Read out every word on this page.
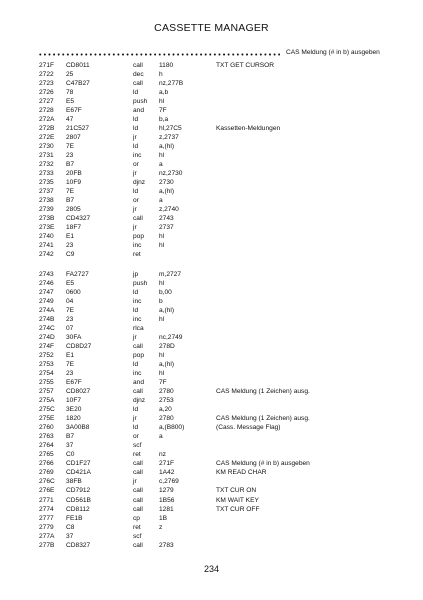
CASSETTE MANAGER
CAS Meldung (# in b) ausgeben
271F CD8011	call 1180	TXT GET CURSOR
2722 25	dec h
2723 C47B27	call nz,277B
2726 78	ld	a,b
2727 E5	push hl
2728 E67F	and 7F
272A 47	ld	b,a
272B 21C527	ld	hl,27C5	Kassetten-Meldungen
272E 2807	jr	z,2737
2730 7E	ld	a,(hl)
2731 23	inc	hl
2732 B7	or	a
2733 20FB	jr	nz,2730
2735 10F9	djnz 2730
2737 7E	ld	a,(hl)
2738 B7	or	a
2739 2805	jr	z,2740
273B CD4327	call 2743
273E 18F7	jr	2737
2740 E1	pop hl
2741 23	inc	hl
2742 C9	ret
2743 FA2727	jp	m,2727
2746 E5	push hl
2747 0600	ld	b,00
2749 04	inc	b
274A 7E	ld	a,(hl)
274B 23	inc	hl
274C 07	rlca
274D 30FA	jr	nc,2749
274F CD8D27	call 278D
2752 E1	pop hl
2753 7E	ld	a,(hl)
2754 23	inc	hl
2755 E67F	and 7F
2757 CD8027	call 2780	CAS Meldung (1 Zeichen) ausg.
275A 10F7	djnz 2753
275C 3E20	ld	a,20
275E 1820	jr	2780	CAS Meldung (1 Zeichen) ausg.
2760 3A00B8	ld	a,(B800)	(Cass. Message Flag)
2763 B7	or	a
2764 37	scf
2765 C0	ret	nz
2766 CD1F27	call 271F	CAS Meldung (# in b) ausgeben
2769 CD421A	call 1A42	KM READ CHAR
276C 38FB	jr	c,2769
276E CD7912	call 1279	TXT CUR ON
2771 CD561B	call 1B56	KM WAIT KEY
2774 CD8112	call 1281	TXT CUR OFF
2777 FE1B	cp	1B
2779 C8	ret	z
277A 37	scf
277B CD8327	call 2783
234
